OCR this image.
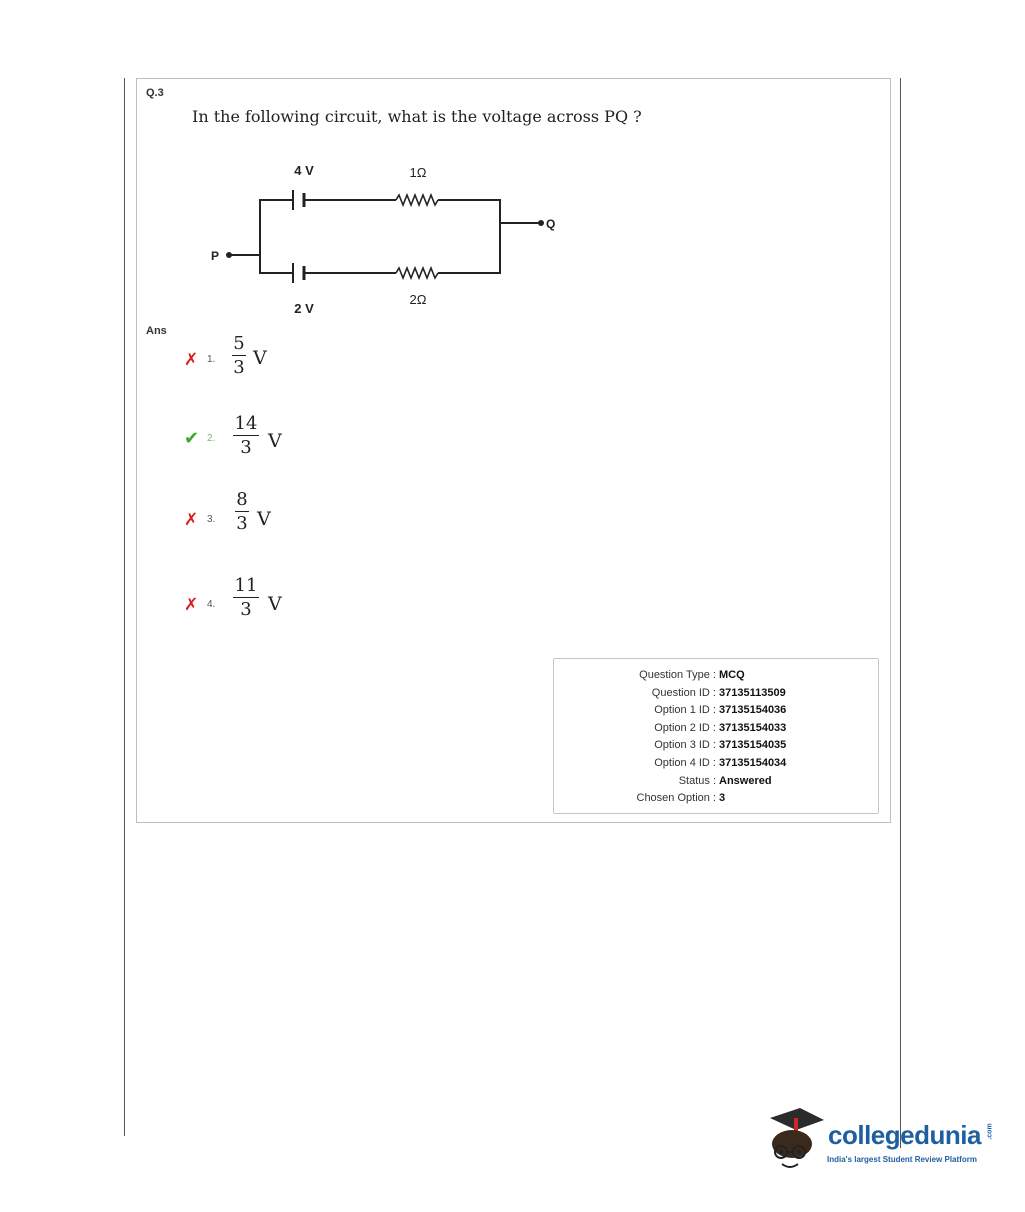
Q.3
In the following circuit, what is the voltage across PQ ?
4 V
2 V
1Ω
2Ω
P
Q
Ans
✗ 1.
5
3 V
✔ 2.
14
3 V
✗ 3.
8
3 V
✗ 4.
11
3 V
Question Type : MCQ
Question ID : 37135113509
Option 1 ID : 37135154036
Option 2 ID : 37135154033
Option 3 ID : 37135154035
Option 4 ID : 37135154034
Status : Answered
Chosen Option : 3
collegedunia .com
India's largest Student Review Platform
